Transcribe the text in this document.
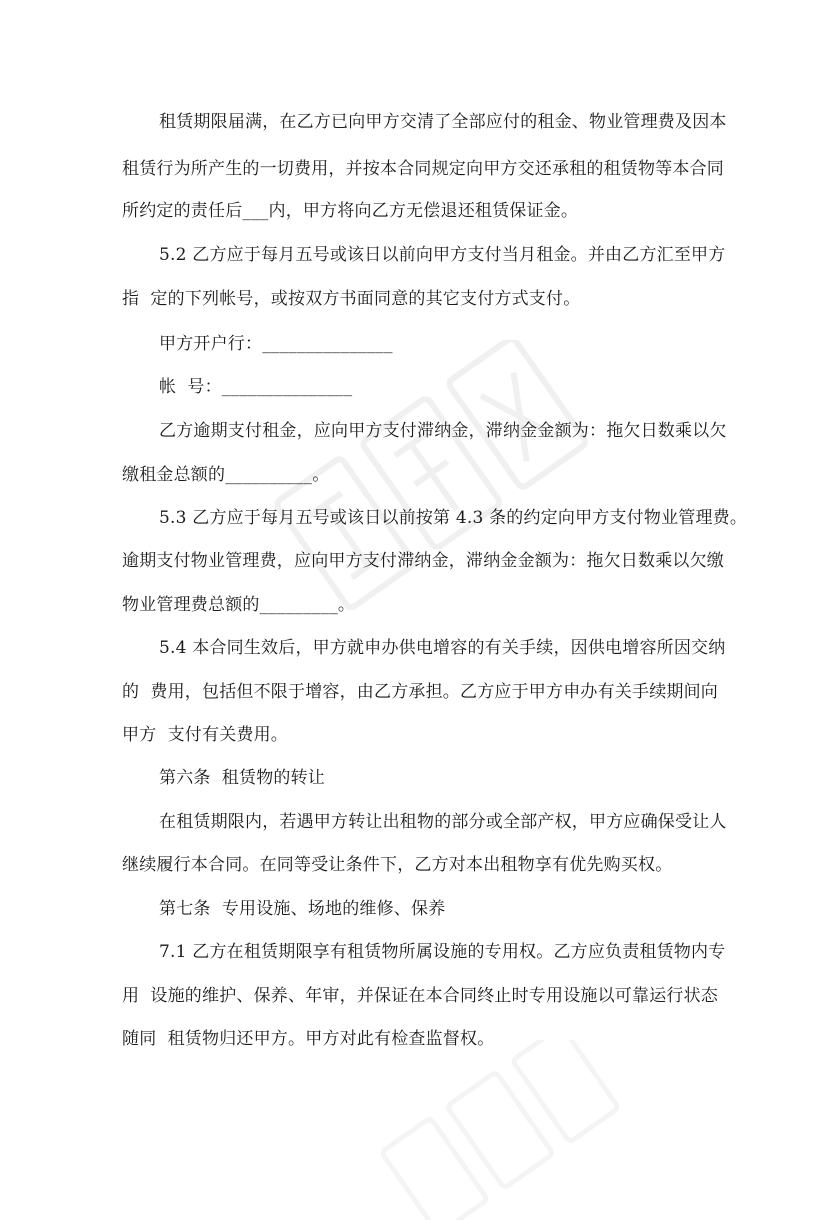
租赁期限届满，在乙方已向甲方交清了全部应付的租金、物业管理费及因本
租赁行为所产生的一切费用，并按本合同规定向甲方交还承租的租赁物等本合同
所约定的责任后___内，甲方将向乙方无偿退还租赁保证金。
5.2 乙方应于每月五号或该日以前向甲方支付当月租金。并由乙方汇至甲方
指  定的下列帐号，或按双方书面同意的其它支付方式支付。
甲方开户行：_______________
帐  号：_______________
乙方逾期支付租金，应向甲方支付滞纳金，滞纳金金额为：拖欠日数乘以欠
缴租金总额的__________。
5.3 乙方应于每月五号或该日以前按第 4.3 条的约定向甲方支付物业管理费。
逾期支付物业管理费，应向甲方支付滞纳金，滞纳金金额为：拖欠日数乘以欠缴
物业管理费总额的_________。
5.4 本合同生效后，甲方就申办供电增容的有关手续，因供电增容所因交纳
的  费用，包括但不限于增容，由乙方承担。乙方应于甲方申办有关手续期间向
甲方  支付有关费用。
第六条  租赁物的转让
在租赁期限内，若遇甲方转让出租物的部分或全部产权，甲方应确保受让人
继续履行本合同。在同等受让条件下，乙方对本出租物享有优先购买权。
第七条  专用设施、场地的维修、保养
7.1 乙方在租赁期限享有租赁物所属设施的专用权。乙方应负责租赁物内专
用  设施的维护、保养、年审，并保证在本合同终止时专用设施以可靠运行状态
随同  租赁物归还甲方。甲方对此有检查监督权。
